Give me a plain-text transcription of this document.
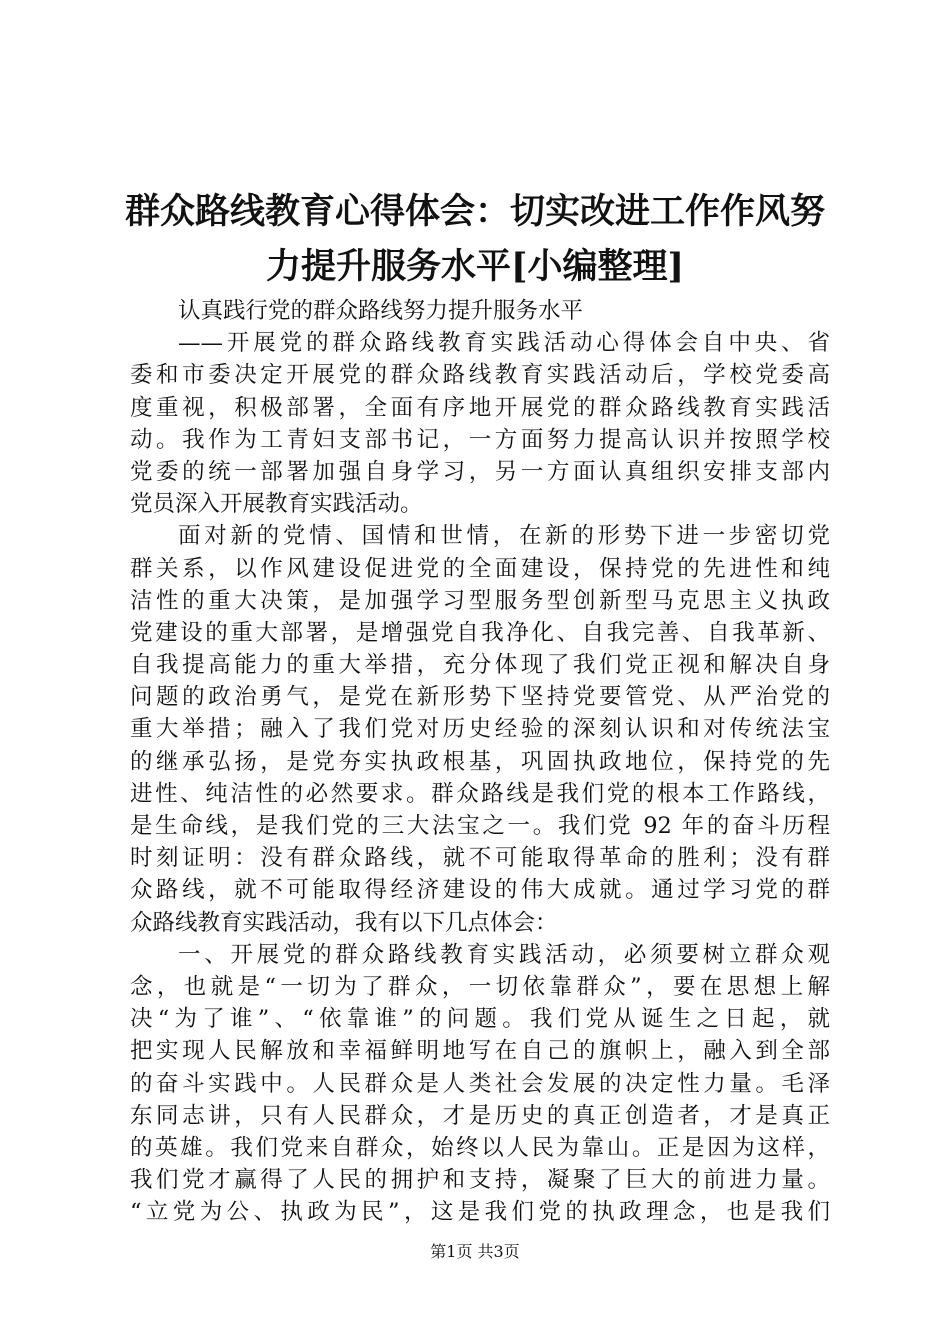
群众路线教育心得体会：切实改进工作作风努
力提升服务水平[小编整理]
认真践行党的群众路线努力提升服务水平
——开展党的群众路线教育实践活动心得体会自中央、省
委和市委决定开展党的群众路线教育实践活动后，学校党委高
度重视，积极部署，全面有序地开展党的群众路线教育实践活
动。我作为工青妇支部书记，一方面努力提高认识并按照学校
党委的统一部署加强自身学习，另一方面认真组织安排支部内
党员深入开展教育实践活动。
面对新的党情、国情和世情，在新的形势下进一步密切党
群关系，以作风建设促进党的全面建设，保持党的先进性和纯
洁性的重大决策，是加强学习型服务型创新型马克思主义执政
党建设的重大部署，是增强党自我净化、自我完善、自我革新、
自我提高能力的重大举措，充分体现了我们党正视和解决自身
问题的政治勇气，是党在新形势下坚持党要管党、从严治党的
重大举措；融入了我们党对历史经验的深刻认识和对传统法宝
的继承弘扬，是党夯实执政根基，巩固执政地位，保持党的先
进性、纯洁性的必然要求。群众路线是我们党的根本工作路线，
是生命线，是我们党的三大法宝之一。我们党 92 年的奋斗历程
时刻证明：没有群众路线，就不可能取得革命的胜利；没有群
众路线，就不可能取得经济建设的伟大成就。通过学习党的群
众路线教育实践活动，我有以下几点体会：
一、开展党的群众路线教育实践活动，必须要树立群众观
念，也就是“一切为了群众，一切依靠群众”，要在思想上解
决“为了谁”、“依靠谁”的问题。我们党从诞生之日起，就
把实现人民解放和幸福鲜明地写在自己的旗帜上，融入到全部
的奋斗实践中。人民群众是人类社会发展的决定性力量。毛泽
东同志讲，只有人民群众，才是历史的真正创造者，才是真正
的英雄。我们党来自群众，始终以人民为靠山。正是因为这样，
我们党才赢得了人民的拥护和支持，凝聚了巨大的前进力量。
“立党为公、执政为民”，这是我们党的执政理念，也是我们
第1页 共3页
